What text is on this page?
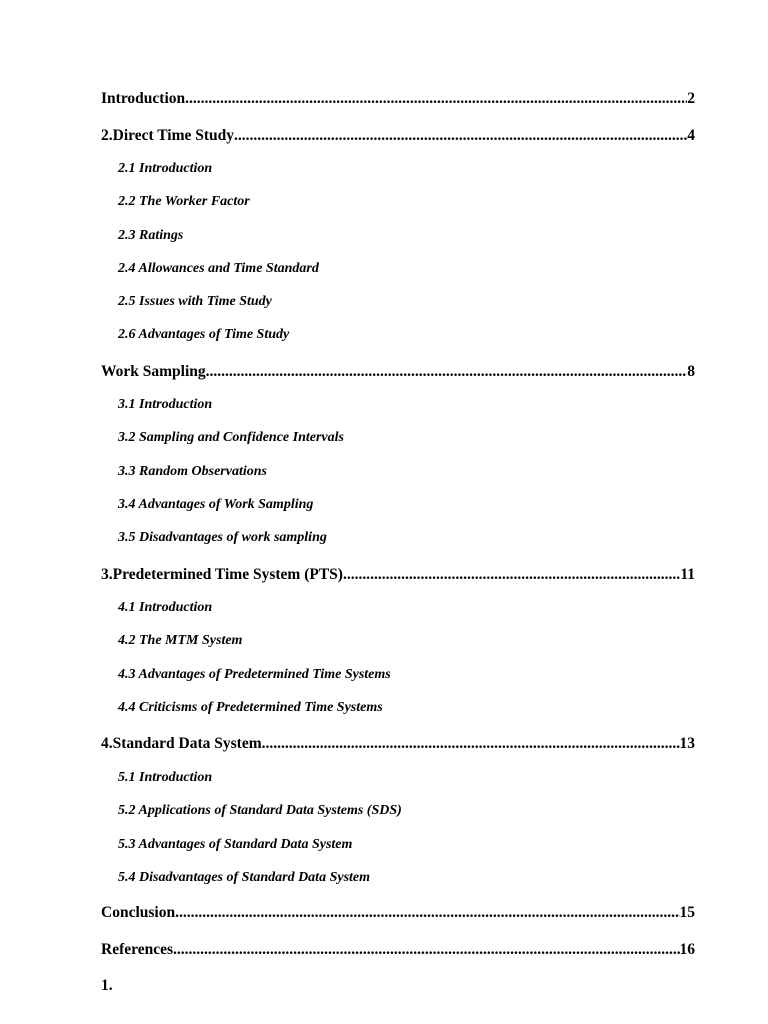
Introduction .....	2
2.Direct Time Study .....	4
2.1 Introduction
2.2 The Worker Factor
2.3 Ratings
2.4 Allowances and Time Standard
2.5 Issues with Time Study
2.6 Advantages of Time Study
Work Sampling .....	8
3.1 Introduction
3.2 Sampling and Confidence Intervals
3.3 Random Observations
3.4 Advantages of Work Sampling
3.5 Disadvantages of work sampling
3.Predetermined Time System (PTS) .....	11
4.1 Introduction
4.2 The MTM System
4.3 Advantages of Predetermined Time Systems
4.4 Criticisms of Predetermined Time Systems
4.Standard Data System .....	13
5.1 Introduction
5.2 Applications of Standard Data Systems (SDS)
5.3 Advantages of Standard Data System
5.4 Disadvantages of Standard Data System
Conclusion .....	15
References .....	16
1.
